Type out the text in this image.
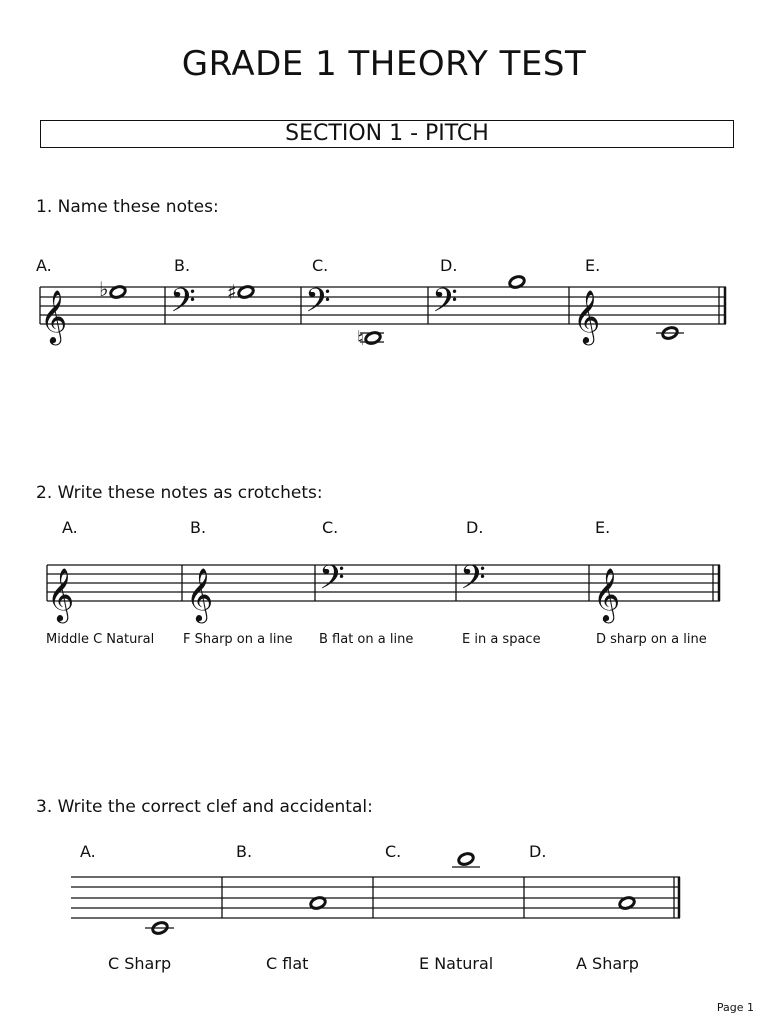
GRADE 1 THEORY TEST
SECTION 1 - PITCH
1. Name these notes:
A.	B.	C.	D.	E.
𝄞	𝄢	𝄢	𝄢	𝄞
♭	♯
♮
2. Write these notes as crotchets:
A.	B.	C.	D.	E.
𝄞 𝄞	𝄢	𝄢 𝄞
Middle C Natural F Sharp on a line B flat on a line	E in a space	D sharp on a line
3. Write the correct clef and accidental:
A.	B.	C.	D.
C Sharp	C flat	E Natural	A Sharp
Page 1
